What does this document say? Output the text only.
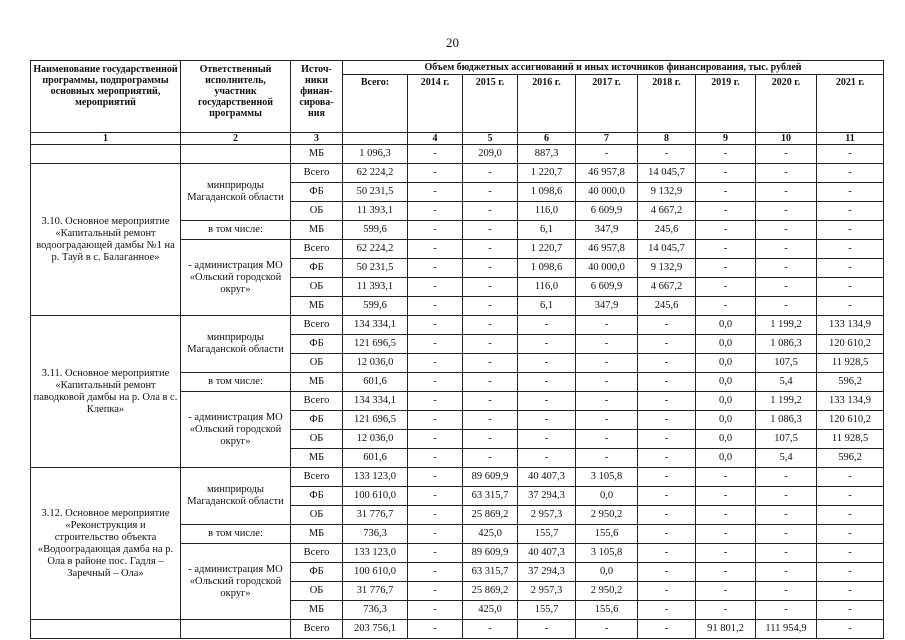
20
Наименование государственной программы, подпрограммы основных мероприятий, мероприятий	Ответственный исполнитель, участник государственной программы	Источ-ники финан-сирова-ния	Объем бюджетных ассигнований и иных источников финансирования, тыс. рублей								
			Всего:	2014 г.	2015 г.	2016 г.	2017 г.	2018 г.	2019 г.	2020 г.	2021 г.
1	2	3		4	5	6	7	8	9	10	11
		МБ	1 096,3	-	209,0	887,3	-	-	-	-	-
3.10. Основное мероприятие «Капитальный ремонт водооградающей дамбы №1 на р. Тауй в с. Балаганное»	минприроды Магаданской области	Всего	62 224,2	-	-	1 220,7	46 957,8	14 045,7	-	-	-
		ФБ	50 231,5	-	-	1 098,6	40 000,0	9 132,9	-	-	-
		ОБ	11 393,1	-	-	116,0	6 609,9	4 667,2	-	-	-
	в том числе:	МБ	599,6	-	-	6,1	347,9	245,6	-	-	-
	- администрация МО «Ольский городской округ»	Всего	62 224,2	-	-	1 220,7	46 957,8	14 045,7	-	-	-
		ФБ	50 231,5	-	-	1 098,6	40 000,0	9 132,9	-	-	-
		ОБ	11 393,1	-	-	116,0	6 609,9	4 667,2	-	-	-
		МБ	599,6	-	-	6,1	347,9	245,6	-	-	-
3.11. Основное мероприятие «Капитальный ремонт паводковой дамбы на р. Ола в с. Клепка»	минприроды Магаданской области	Всего	134 334,1	-	-	-	-	-	0,0	1 199,2	133 134,9
		ФБ	121 696,5	-	-	-	-	-	0,0	1 086,3	120 610,2
		ОБ	12 036,0	-	-	-	-	-	0,0	107,5	11 928,5
	в том числе:	МБ	601,6	-	-	-	-	-	0,0	5,4	596,2
	- администрация МО «Ольский городской округ»	Всего	134 334,1	-	-	-	-	-	0,0	1 199,2	133 134,9
		ФБ	121 696,5	-	-	-	-	-	0,0	1 086,3	120 610,2
		ОБ	12 036,0	-	-	-	-	-	0,0	107,5	11 928,5
		МБ	601,6	-	-	-	-	-	0,0	5,4	596,2
3.12. Основное мероприятие «Реконструкция и строительство объекта «Водооградающая дамба на р. Ола в районе пос. Гадля – Заречный – Ола»	минприроды Магаданской области	Всего	133 123,0	-	89 609,9	40 407,3	3 105,8	-	-	-	-
		ФБ	100 610,0	-	63 315,7	37 294,3	0,0	-	-	-	-
		ОБ	31 776,7	-	25 869,2	2 957,3	2 950,2	-	-	-	-
	в том числе:	МБ	736,3	-	425,0	155,7	155,6	-	-	-	-
	- администрация МО «Ольский городской округ»	Всего	133 123,0	-	89 609,9	40 407,3	3 105,8	-	-	-	-
		ФБ	100 610,0	-	63 315,7	37 294,3	0,0	-	-	-	-
		ОБ	31 776,7	-	25 869,2	2 957,3	2 950,2	-	-	-	-
		МБ	736,3	-	425,0	155,7	155,6	-	-	-	-
		Всего	203 756,1	-	-	-	-	-	91 801,2	111 954,9	-
